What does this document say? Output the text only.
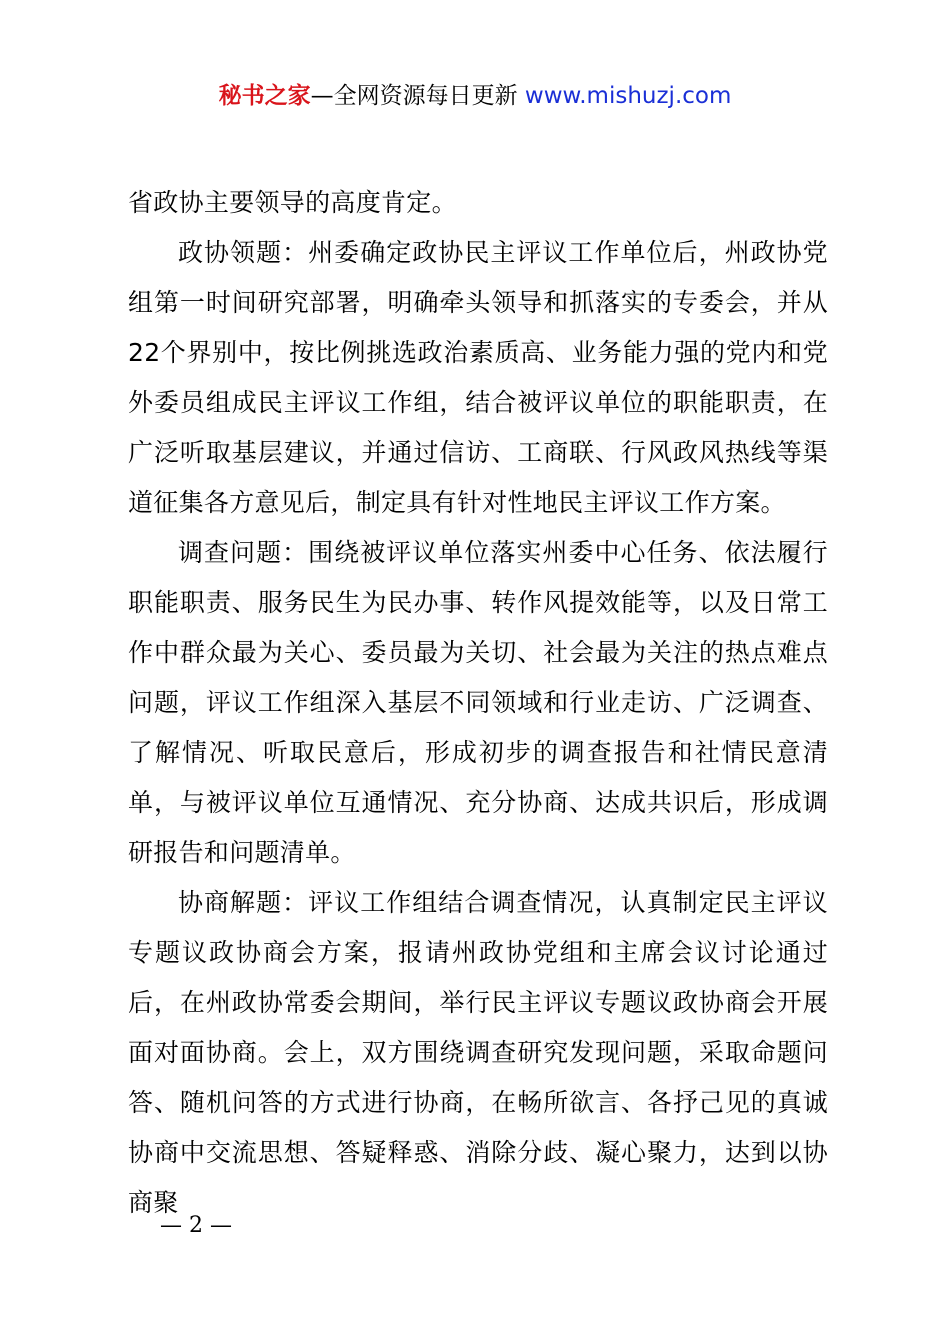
秘书之家—全网资源每日更新 www.mishuzj.com

省政协主要领导的高度肯定。

政协领题：州委确定政协民主评议工作单位后，州政协党组第一时间研究部署，明确牵头领导和抓落实的专委会，并从22个界别中，按比例挑选政治素质高、业务能力强的党内和党外委员组成民主评议工作组，结合被评议单位的职能职责，在广泛听取基层建议，并通过信访、工商联、行风政风热线等渠道征集各方意见后，制定具有针对性地民主评议工作方案。

调查问题：围绕被评议单位落实州委中心任务、依法履行职能职责、服务民生为民办事、转作风提效能等，以及日常工作中群众最为关心、委员最为关切、社会最为关注的热点难点问题，评议工作组深入基层不同领域和行业走访、广泛调查、了解情况、听取民意后，形成初步的调查报告和社情民意清单，与被评议单位互通情况、充分协商、达成共识后，形成调研报告和问题清单。

协商解题：评议工作组结合调查情况，认真制定民主评议专题议政协商会方案，报请州政协党组和主席会议讨论通过后，在州政协常委会期间，举行民主评议专题议政协商会开展面对面协商。会上，双方围绕调查研究发现问题，采取命题问答、随机问答的方式进行协商，在畅所欲言、各抒己见的真诚协商中交流思想、答疑释惑、消除分歧、凝心聚力，达到以协商聚

— 2 —
